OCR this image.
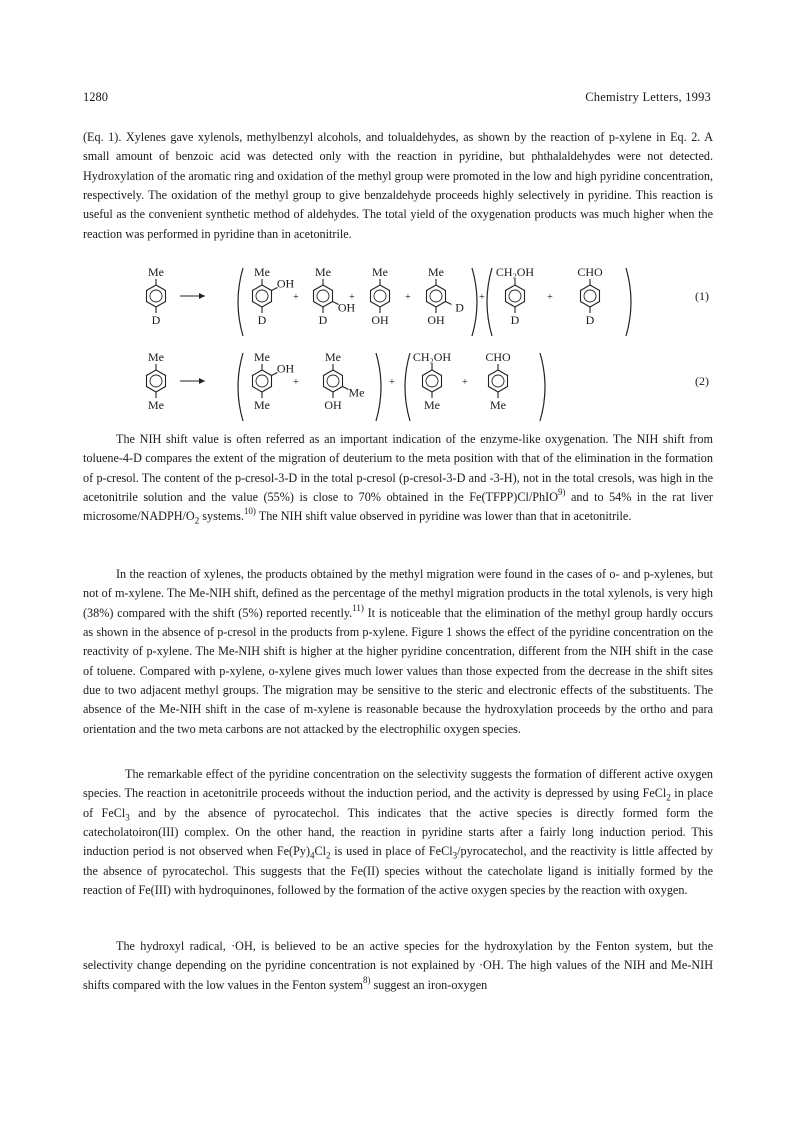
1280	Chemistry Letters, 1993

(Eq. 1). Xylenes gave xylenols, methylbenzyl alcohols, and tolualdehydes, as shown by the reaction of p-xylene in Eq. 2. A small amount of benzoic acid was detected only with the reaction in pyridine, but phthalaldehydes were not detected. Hydroxylation of the aromatic ring and oxidation of the methyl group were promoted in the low and high pyridine concentration, respectively. The oxidation of the methyl group to give benzaldehyde proceeds highly selectively in pyridine. This reaction is useful as the convenient synthetic method of aldehydes. The total yield of the oxygenation products was much higher when the reaction was performed in pyridine than in acetonitrile.

Me
D
Me
D
OH
+
Me
D
OH
+
Me
OH
+
Me
OH
D
+
CH₂OH
D
+
CHO
D
(1)
Me
Me
Me
Me
OH
+
Me
OH
Me
+
CH₂OH
Me
+
CHO
Me
(2)

The NIH shift value is often referred as an important indication of the enzyme-like oxygenation. The NIH shift from toluene-4-D compares the extent of the migration of deuterium to the meta position with that of the elimination in the formation of p-cresol. The content of the p-cresol-3-D in the total p-cresol (p-cresol-3-D and -3-H), not in the total cresols, was high in the acetonitrile solution and the value (55%) is close to 70% obtained in the Fe(TFPP)Cl/PhIO$^{9)}$ and to 54% in the rat liver microsome/$NADPH/O_2$ systems.$^{10)}$ The NIH shift value observed in pyridine was lower than that in acetonitrile.

In the reaction of xylenes, the products obtained by the methyl migration were found in the cases of o- and p-xylenes, but not of m-xylene. The Me-NIH shift, defined as the percentage of the methyl migration products in the total xylenols, is very high (38%) compared with the shift (5%) reported recently.$^{11)}$ It is noticeable that the elimination of the methyl group hardly occurs as shown in the absence of p-cresol in the products from p-xylene. Figure 1 shows the effect of the pyridine concentration on the reactivity of p-xylene. The Me-NIH shift is higher at the higher pyridine concentration, different from the NIH shift in the case of toluene. Compared with p-xylene, o-xylene gives much lower values than those expected from the decrease in the shift sites due to two adjacent methyl groups. The migration may be sensitive to the steric and electronic effects of the substituents. The absence of the Me-NIH shift in the case of m-xylene is reasonable because the hydroxylation proceeds by the ortho and para orientation and the two meta carbons are not attacked by the electrophilic oxygen species.

The remarkable effect of the pyridine concentration on the selectivity suggests the formation of different active oxygen species. The reaction in acetonitrile proceeds without the induction period, and the activity is depressed by using FeCl$_2$ in place of FeCl$_3$ and by the absence of pyrocatechol. This indicates that the active species is directly formed form the catecholatoiron(III) complex. On the other hand, the reaction in pyridine starts after a fairly long induction period. This induction period is not observed when $Fe(Py)_4Cl_2$ is used in place of FeCl$_3$/pyrocatechol, and the reactivity is little affected by the absence of pyrocatechol. This suggests that the Fe(II) species without the catecholate ligand is initially formed by the reaction of Fe(III) with hydroquinones, followed by the formation of the active oxygen species by the reaction with oxygen.

The hydroxyl radical, ·OH, is believed to be an active species for the hydroxylation by the Fenton system, but the selectivity change depending on the pyridine concentration is not explained by ·OH. The high values of the NIH and Me-NIH shifts compared with the low values in the Fenton system$^{8)}$ suggest an iron-oxygen
